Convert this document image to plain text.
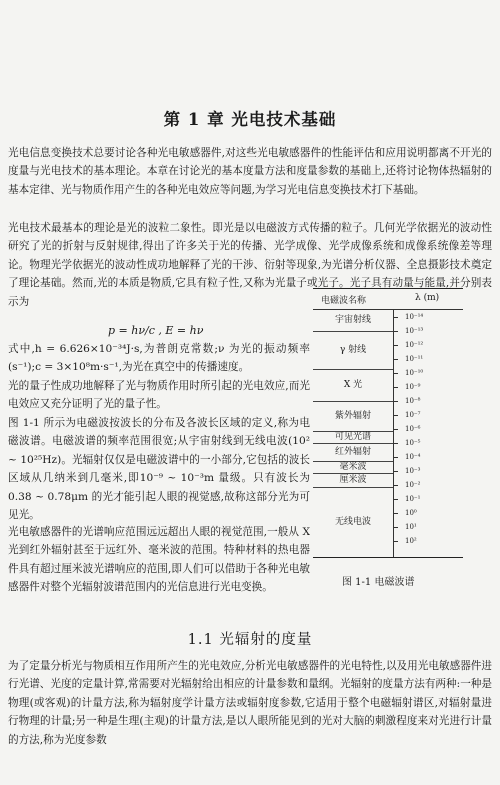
第 1 章 光电技术基础

光电信息变换技术总要讨论各种光电敏感器件,对这些光电敏感器件的性能评估和应用说明都离不开光的度量与光电技术的基本理论。本章在讨论光的基本度量方法和度量参数的基础上,还将讨论物体热辐射的基本定律、光与物质作用产生的各种光电效应等问题,为学习光电信息变换技术打下基础。

光电技术最基本的理论是光的波粒二象性。即光是以电磁波方式传播的粒子。几何光学依据光的波动性研究了光的折射与反射规律,得出了许多关于光的传播、光学成像、光学成像系统和成像系统像差等理论。物理光学依据光的波动性成功地解释了光的干涉、衍射等现象,为光谱分析仪器、全息摄影技术奠定了理论基础。然而,光的本质是物质,它具有粒子性,又称为光量子或光子。光子具有动量与能量,并分别表示为

p = hν/c , E = hν

式中,h = 6.626×10⁻³⁴J·s,为普朗克常数;ν 为光的振动频率(s⁻¹);c = 3×10⁸m·s⁻¹,为光在真空中的传播速度。

光的量子性成功地解释了光与物质作用时所引起的光电效应,而光电效应又充分证明了光的量子性。

图 1-1 所示为电磁波按波长的分布及各波长区域的定义,称为电磁波谱。电磁波谱的频率范围很宽;从宇宙射线到无线电波(10² ~ 10²⁵Hz)。光辐射仅仅是电磁波谱中的一小部分,它包括的波长区域从几纳米到几毫米,即10⁻⁹ ~ 10⁻³m 量级。只有波长为 0.38 ~ 0.78μm 的光才能引起人眼的视觉感,故称这部分光为可见光。

光电敏感器件的光谱响应范围远远超出人眼的视觉范围,一般从 X 光到红外辐射甚至于远红外、毫米波的范围。特种材料的热电器件具有超过厘米波光谱响应的范围,即人们可以借助于各种光电敏感器件对整个光辐射波谱范围内的光信息进行光电变换。

电磁波名称	λ (m)
宇宙射线
γ 射线
X 光
紫外辐射
可见光谱
红外辐射
毫米波
厘米波
无线电波
10⁻¹⁴
10⁻¹³
10⁻¹²
10⁻¹¹
10⁻¹⁰
10⁻⁹
10⁻⁸
10⁻⁷
10⁻⁶
10⁻⁵
10⁻⁴
10⁻³
10⁻²
10⁻¹
10⁰
10¹
10²
图 1-1 电磁波谱
1.1 光辐射的度量

为了定量分析光与物质相互作用所产生的光电效应,分析光电敏感器件的光电特性,以及用光电敏感器件进行光谱、光度的定量计算,常需要对光辐射给出相应的计量参数和量纲。光辐射的度量方法有两种:一种是物理(或客观)的计量方法,称为辐射度学计量方法或辐射度参数,它适用于整个电磁辐射谱区,对辐射量进行物理的计量;另一种是生理(主观)的计量方法,是以人眼所能见到的光对大脑的刺激程度来对光进行计量的方法,称为光度参数
